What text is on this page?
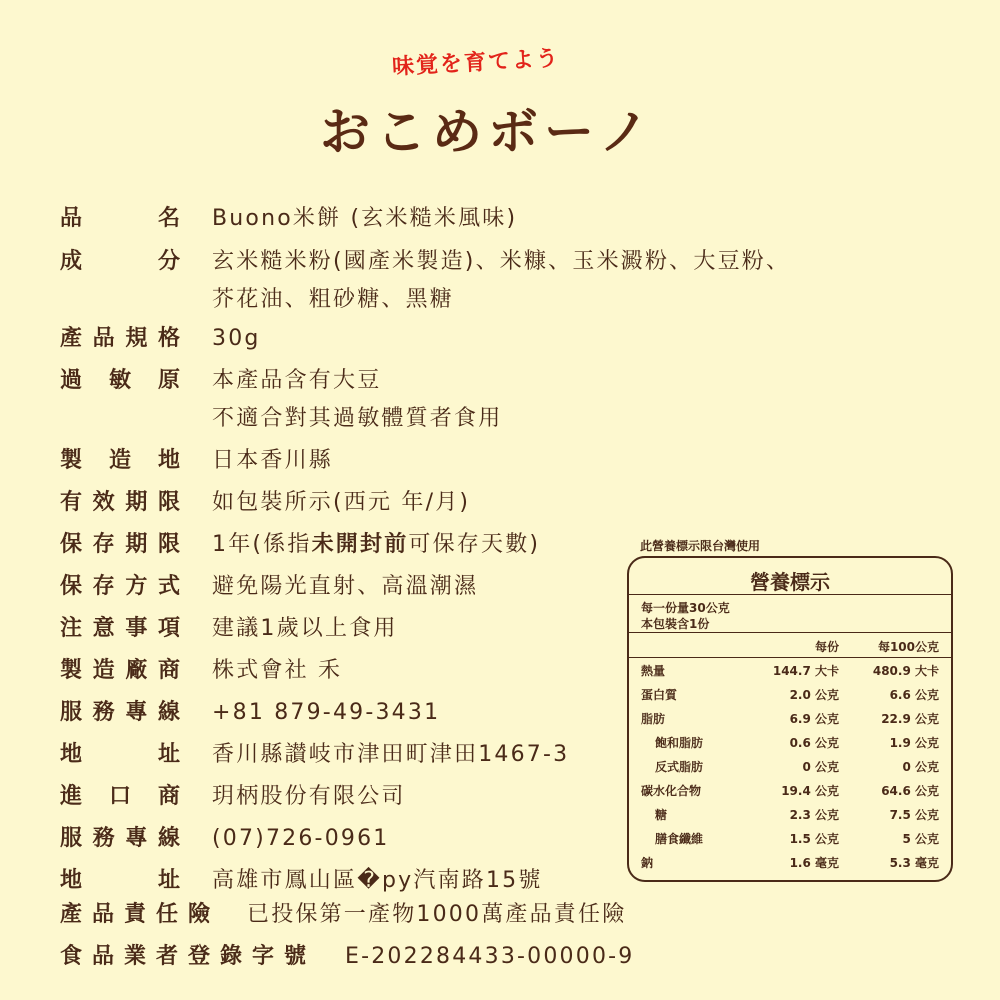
味覚を育てよう
おこめボーノ
品	名 Buono米餅 (玄米糙米風味)
成	分 玄米糙米粉(國產米製造)、米糠、玉米澱粉、大豆粉、
芥花油、粗砂糖、黑糖
產 品 規 格 30g
過 敏 原 本產品含有大豆
不適合對其過敏體質者食用
製 造 地 日本香川縣
有 效 期 限 如包裝所示(西元 年/月)
保 存 期 限 1年(係指未開封前可保存天數)
保 存 方 式 避免陽光直射、高溫潮濕
注 意 事 項 建議1歲以上食用
製 造 廠 商 株式會社 禾
服 務 專 線 +81 879-49-3431
地	址 香川縣讃岐市津田町津田1467-3
進 口 商 玥柄股份有限公司
服 務 專 線 (07)726-0961
地	址 高雄市鳳山區�py汽南路15號
產品責任險 已投保第一產物1000萬產品責任險
食品業者登錄字號 E-202284433-00000-9
此營養標示限台灣使用
營養標示
每一份量30公克
本包裝含1份
每份	每100公克
熱量	144.7 大卡	480.9 大卡
蛋白質	2.0 公克	6.6 公克
脂肪	6.9 公克	22.9 公克
飽和脂肪	0.6 公克	1.9 公克
反式脂肪	0 公克	0 公克
碳水化合物	19.4 公克	64.6 公克
糖	2.3 公克	7.5 公克
膳食纖維	1.5 公克	5 公克
鈉	1.6 毫克	5.3 毫克
